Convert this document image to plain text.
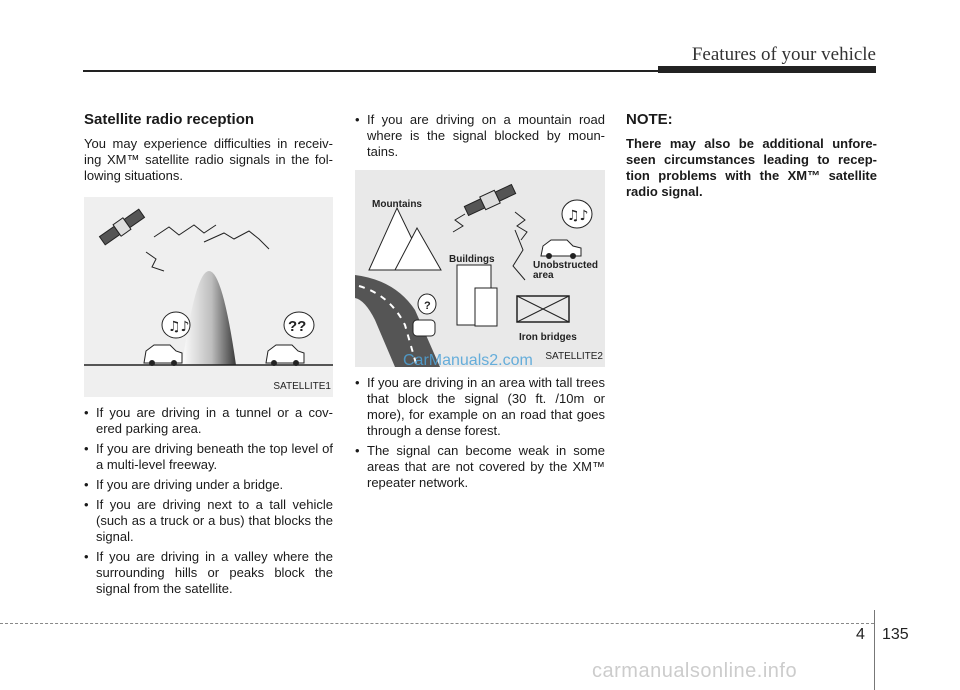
Features of your vehicle
Satellite radio reception

You may experience difficulties in receiv-ing XM™ satellite radio signals in the fol-lowing situations.

♫♪	??
SATELLITE1
• If you are driving in a tunnel or a cov-ered parking area.
• If you are driving beneath the top level of a multi-level freeway.
• If you are driving under a bridge.
• If you are driving next to a tall vehicle (such as a truck or a bus) that blocks the signal.
• If you are driving in a valley where the surrounding hills or peaks block the signal from the satellite.
• If you are driving on a mountain road where is the signal blocked by moun-tains.
Mountains
Buildings
?
♫♪
Unobstructed
area
Iron bridges
CarManuals2.com SATELLITE2
• If you are driving in an area with tall trees that block the signal (30 ft. /10m or more), for example on an road that goes through a dense forest.
• The signal can become weak in some areas that are not covered by the XM™ repeater network.
NOTE:

There may also be additional unfore-seen circumstances leading to recep-tion problems with the XM™ satellite radio signal.

4 135
carmanualsonline.info
